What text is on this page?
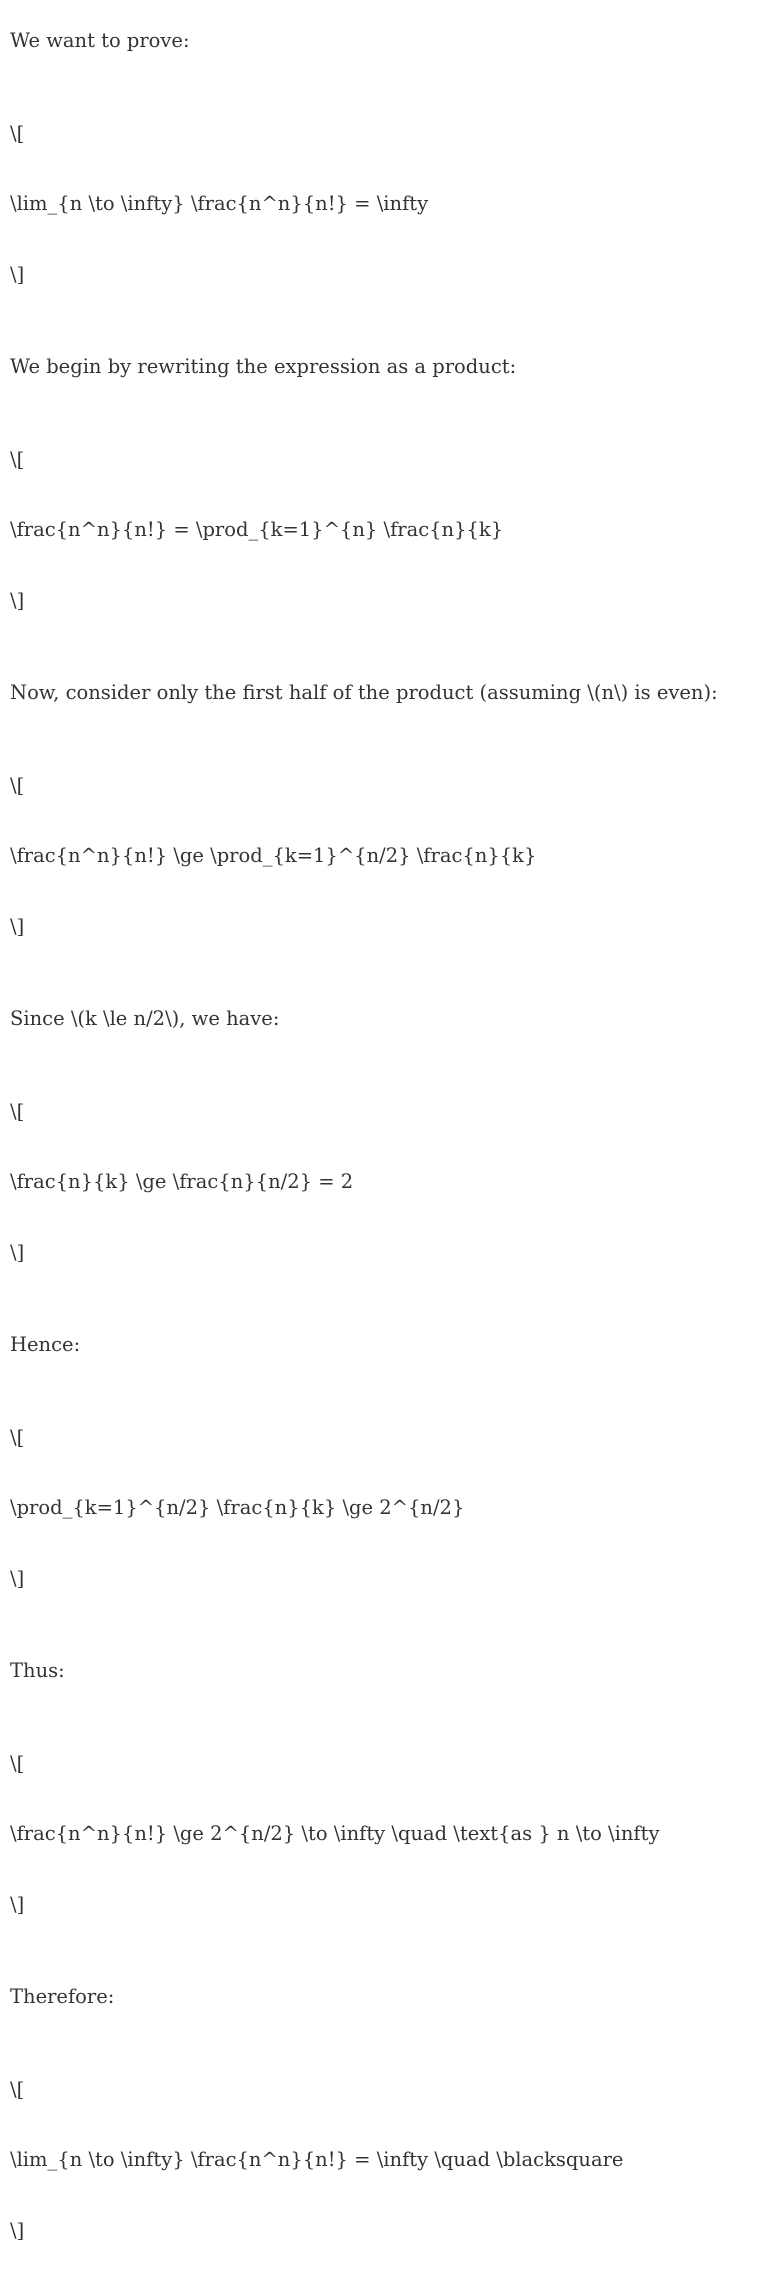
We want to prove:

\[

\lim_{n \to \infty} \frac{n^n}{n!} = \infty

\]

We begin by rewriting the expression as a product:

\[

\frac{n^n}{n!} = \prod_{k=1}^{n} \frac{n}{k}

\]

Now, consider only the first half of the product (assuming \(n\) is even):

\[

\frac{n^n}{n!} \ge \prod_{k=1}^{n/2} \frac{n}{k}

\]

Since \(k \le n/2\), we have:

\[

\frac{n}{k} \ge \frac{n}{n/2} = 2

\]

Hence:

\[

\prod_{k=1}^{n/2} \frac{n}{k} \ge 2^{n/2}

\]

Thus:

\[

\frac{n^n}{n!} \ge 2^{n/2} \to \infty \quad \text{as } n \to \infty

\]

Therefore:

\[

\lim_{n \to \infty} \frac{n^n}{n!} = \infty \quad \blacksquare

\]
